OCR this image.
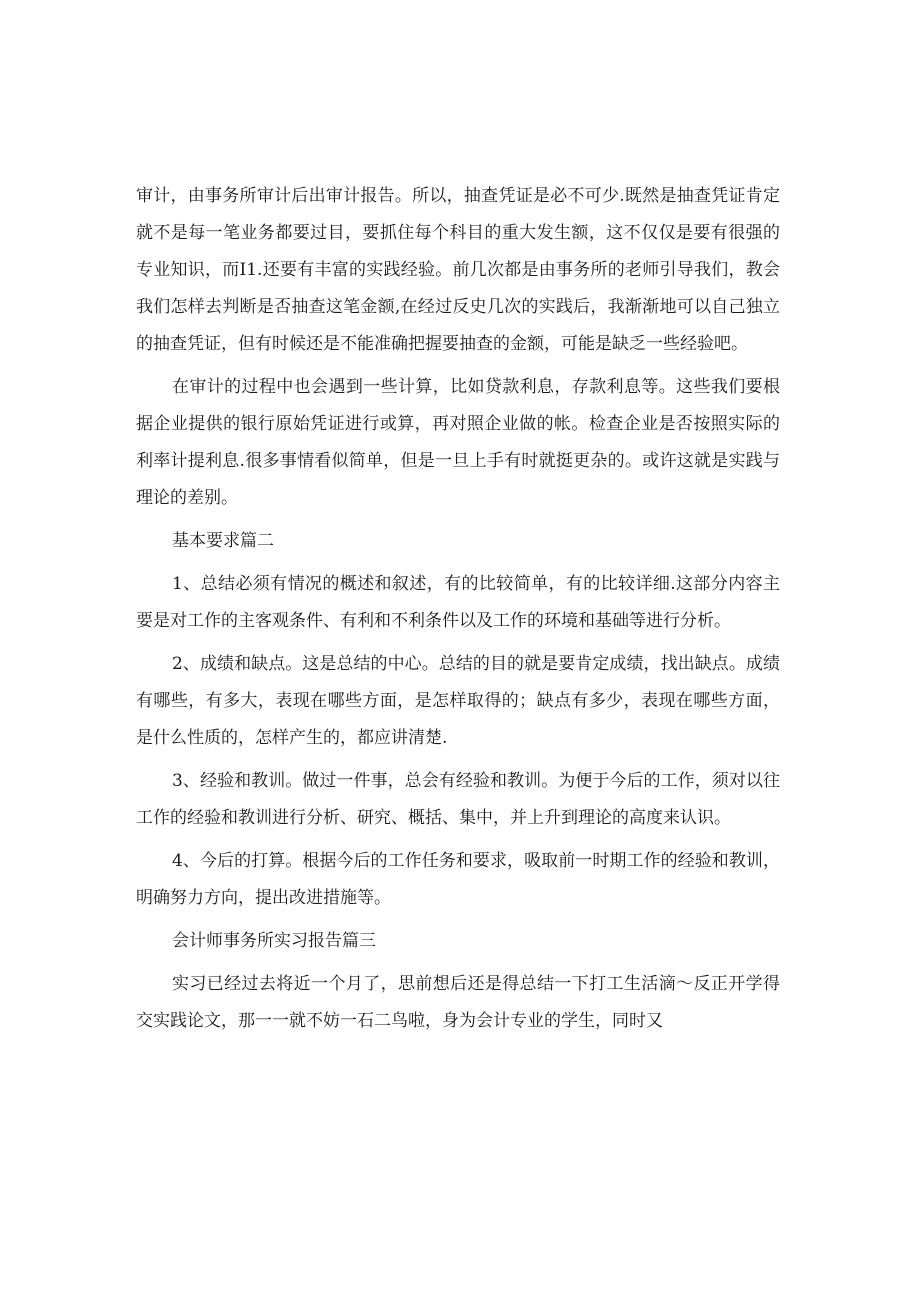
审计，由事务所审计后出审计报告。所以，抽查凭证是必不可少.既然是抽查凭证肯定就不是每一笔业务都要过目，要抓住每个科目的重大发生额，这不仅仅是要有很强的专业知识，而I1.还要有丰富的实践经验。前几次都是由事务所的老师引导我们，教会我们怎样去判断是否抽查这笔金额,在经过反史几次的实践后，我渐渐地可以自己独立的抽查凭证，但有时候还是不能准确把握要抽查的金额，可能是缺乏一些经验吧。

在审计的过程中也会遇到一些计算，比如贷款利息，存款利息等。这些我们要根据企业提供的银行原始凭证进行或算，再对照企业做的帐。检查企业是否按照实际的利率计提利息.很多事情看似简单，但是一旦上手有时就挺更杂的。或许这就是实践与理论的差别。

基本要求篇二

1、总结必须有情况的概述和叙述，有的比较简单，有的比较详细.这部分内容主要是对工作的主客观条件、有利和不利条件以及工作的环境和基础等进行分析。

2、成绩和缺点。这是总结的中心。总结的目的就是要肯定成绩，找出缺点。成绩有哪些，有多大，表现在哪些方面，是怎样取得的；缺点有多少，表现在哪些方面，是什么性质的，怎样产生的，都应讲清楚.

3、经验和教训。做过一件事，总会有经验和教训。为便于今后的工作，须对以往工作的经验和教训进行分析、研究、概括、集中，并上升到理论的高度来认识。

4、今后的打算。根据今后的工作任务和要求，吸取前一时期工作的经验和教训，明确努力方向，提出改进措施等。

会计师事务所实习报告篇三

实习已经过去将近一个月了，思前想后还是得总结一下打工生活滴～反正开学得交实践论文，那一一就不妨一石二鸟啦，身为会计专业的学生，同时又
